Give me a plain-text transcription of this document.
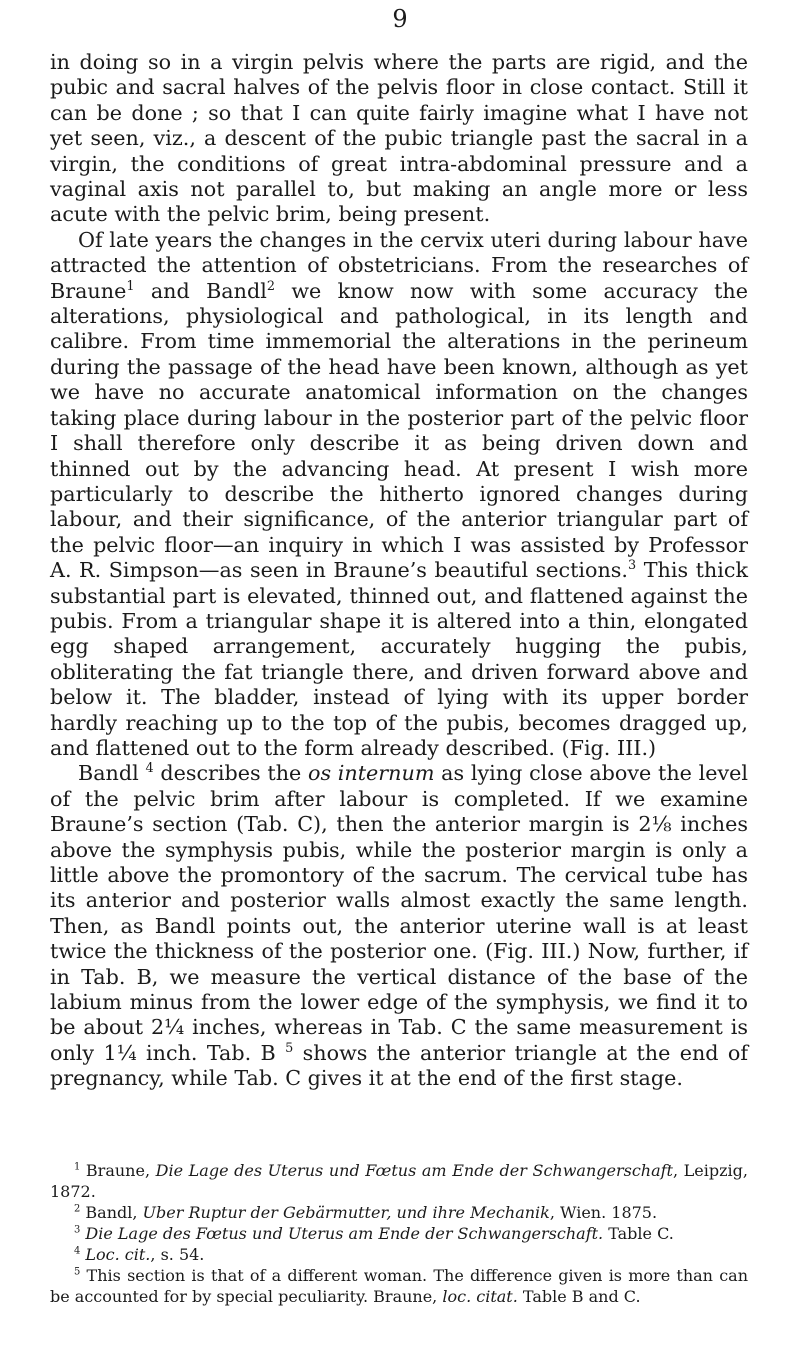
9

in doing so in a virgin pelvis where the parts are rigid, and the pubic and sacral halves of the pelvis floor in close contact. Still it can be done ; so that I can quite fairly imagine what I have not yet seen, viz., a descent of the pubic triangle past the sacral in a virgin, the conditions of great intra-abdominal pressure and a vaginal axis not parallel to, but making an angle more or less acute with the pelvic brim, being present.

Of late years the changes in the cervix uteri during labour have attracted the attention of obstetricians. From the researches of Braune$^1$ and Bandl$^2$ we know now with some accuracy the alterations, physiological and pathological, in its length and calibre. From time immemorial the alterations in the perineum during the passage of the head have been known, although as yet we have no accurate anatomical information on the changes taking place during labour in the posterior part of the pelvic floor I shall therefore only describe it as being driven down and thinned out by the advancing head. At present I wish more particularly to describe the hitherto ignored changes during labour, and their significance, of the anterior triangular part of the pelvic floor—an inquiry in which I was assisted by Professor A. R. Simpson—as seen in Braune’s beautiful sections.$^3$ This thick substantial part is elevated, thinned out, and flattened against the pubis. From a triangular shape it is altered into a thin, elongated egg shaped arrangement, accurately hugging the pubis, obliterating the fat triangle there, and driven forward above and below it. The bladder, instead of lying with its upper border hardly reaching up to the top of the pubis, becomes dragged up, and flattened out to the form already described. (Fig. III.)

Bandl $^4$ describes the os internum as lying close above the level of the pelvic brim after labour is completed. If we examine Braune’s section (Tab. C), then the anterior margin is 2⅛ inches above the symphysis pubis, while the posterior margin is only a little above the promontory of the sacrum. The cervical tube has its anterior and posterior walls almost exactly the same length. Then, as Bandl points out, the anterior uterine wall is at least twice the thickness of the posterior one. (Fig. III.) Now, further, if in Tab. B, we measure the vertical distance of the base of the labium minus from the lower edge of the symphysis, we find it to be about 2¼ inches, whereas in Tab. C the same measurement is only 1¼ inch. Tab. B $^5$ shows the anterior triangle at the end of pregnancy, while Tab. C gives it at the end of the first stage.

$^1$ Braune, Die Lage des Uterus und Fœtus am Ende der Schwangerschaft, Leipzig, 1872.

$^2$ Bandl, Uber Ruptur der Gebärmutter, und ihre Mechanik, Wien. 1875.

$^3$ Die Lage des Fœtus und Uterus am Ende der Schwangerschaft. Table C.

$^4$ Loc. cit., s. 54.

$^5$ This section is that of a different woman. The difference given is more than can be accounted for by special peculiarity. Braune, loc. citat. Table B and C.
